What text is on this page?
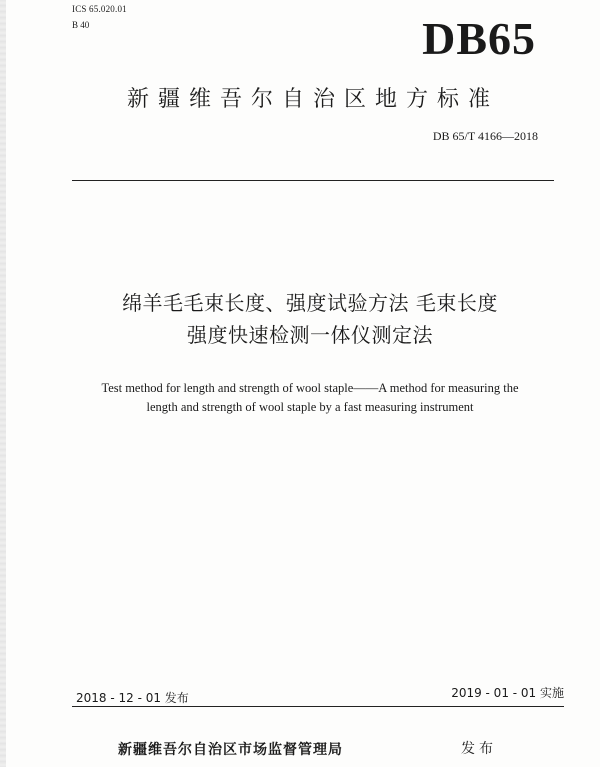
ICS 65.020.01
B 40	DB65
新疆维吾尔自治区地方标准
DB 65/T 4166—2018
绵羊毛毛束长度、强度试验方法 毛束长度
强度快速检测一体仪测定法
Test method for length and strength of wool staple——A method for measuring the
length and strength of wool staple by a fast measuring instrument
2018 - 12 - 01 发布	2019 - 01 - 01 实施
新疆维吾尔自治区市场监督管理局	发布
